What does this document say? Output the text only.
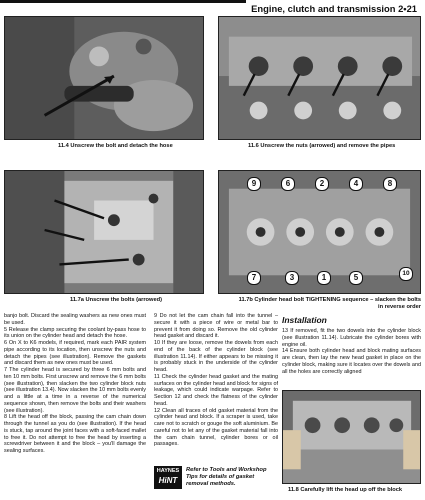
Engine, clutch and transmission 2•21
11.4 Unscrew the bolt and detach the hose	11.6 Unscrew the nuts (arrowed) and remove the pipes
11.7a Unscrew the bolts (arrowed)
9	6	2	4	8
10
5
1
3
7
11.7b Cylinder head bolt TIGHTENING sequence – slacken the bolts in reverse order

banjo bolt. Discard the sealing washers as new ones must be used.

5 Release the clamp securing the coolant by-pass hose to its union on the cylinder head and detach the hose.

6 On X to K6 models, if required, mark each PAIR system pipe according to its location, then unscrew the nuts and detach the pipes (see illustration). Remove the gaskets and discard them as new ones must be used.

7 The cylinder head is secured by three 6 mm bolts and ten 10 mm bolts. First unscrew and remove the 6 mm bolts (see illustration), then slacken the two cylinder block nuts (see illustration 13.4). Now slacken the 10 mm bolts evenly and a little at a time in a reverse of the numerical sequence shown, then remove the bolts and their washers (see illustration).

8 Lift the head off the block, passing the cam chain down through the tunnel as you do (see illustration). If the head is stuck, tap around the joint faces with a soft-faced mallet to free it. Do not attempt to free the head by inserting a screwdriver between it and the block – you'll damage the sealing surfaces.

9 Do not let the cam chain fall into the tunnel – secure it with a piece of wire or metal bar to prevent it from doing so. Remove the old cylinder head gasket and discard it.

10 If they are loose, remove the dowels from each end of the back of the cylinder block (see illustration 11.14). If either appears to be missing it is probably stuck in the underside of the cylinder head.

11 Check the cylinder head gasket and the mating surfaces on the cylinder head and block for signs of leakage, which could indicate warpage. Refer to Section 12 and check the flatness of the cylinder head.

12 Clean all traces of old gasket material from the cylinder head and block. If a scraper is used, take care not to scratch or gouge the soft aluminium. Be careful not to let any of the gasket material fall into the cam chain tunnel, cylinder bores or oil passages.

HAYNES
HiNT
Refer to Tools and Workshop Tips for details of gasket removal methods.

Installation

13 If removed, fit the two dowels into the cylinder block (see illustration 11.14). Lubricate the cylinder bores with engine oil.

14 Ensure both cylinder head and block mating surfaces are clean, then lay the new head gasket in place on the cylinder block, making sure it locates over the dowels and all the holes are correctly aligned

11.8 Carefully lift the head up off the block
